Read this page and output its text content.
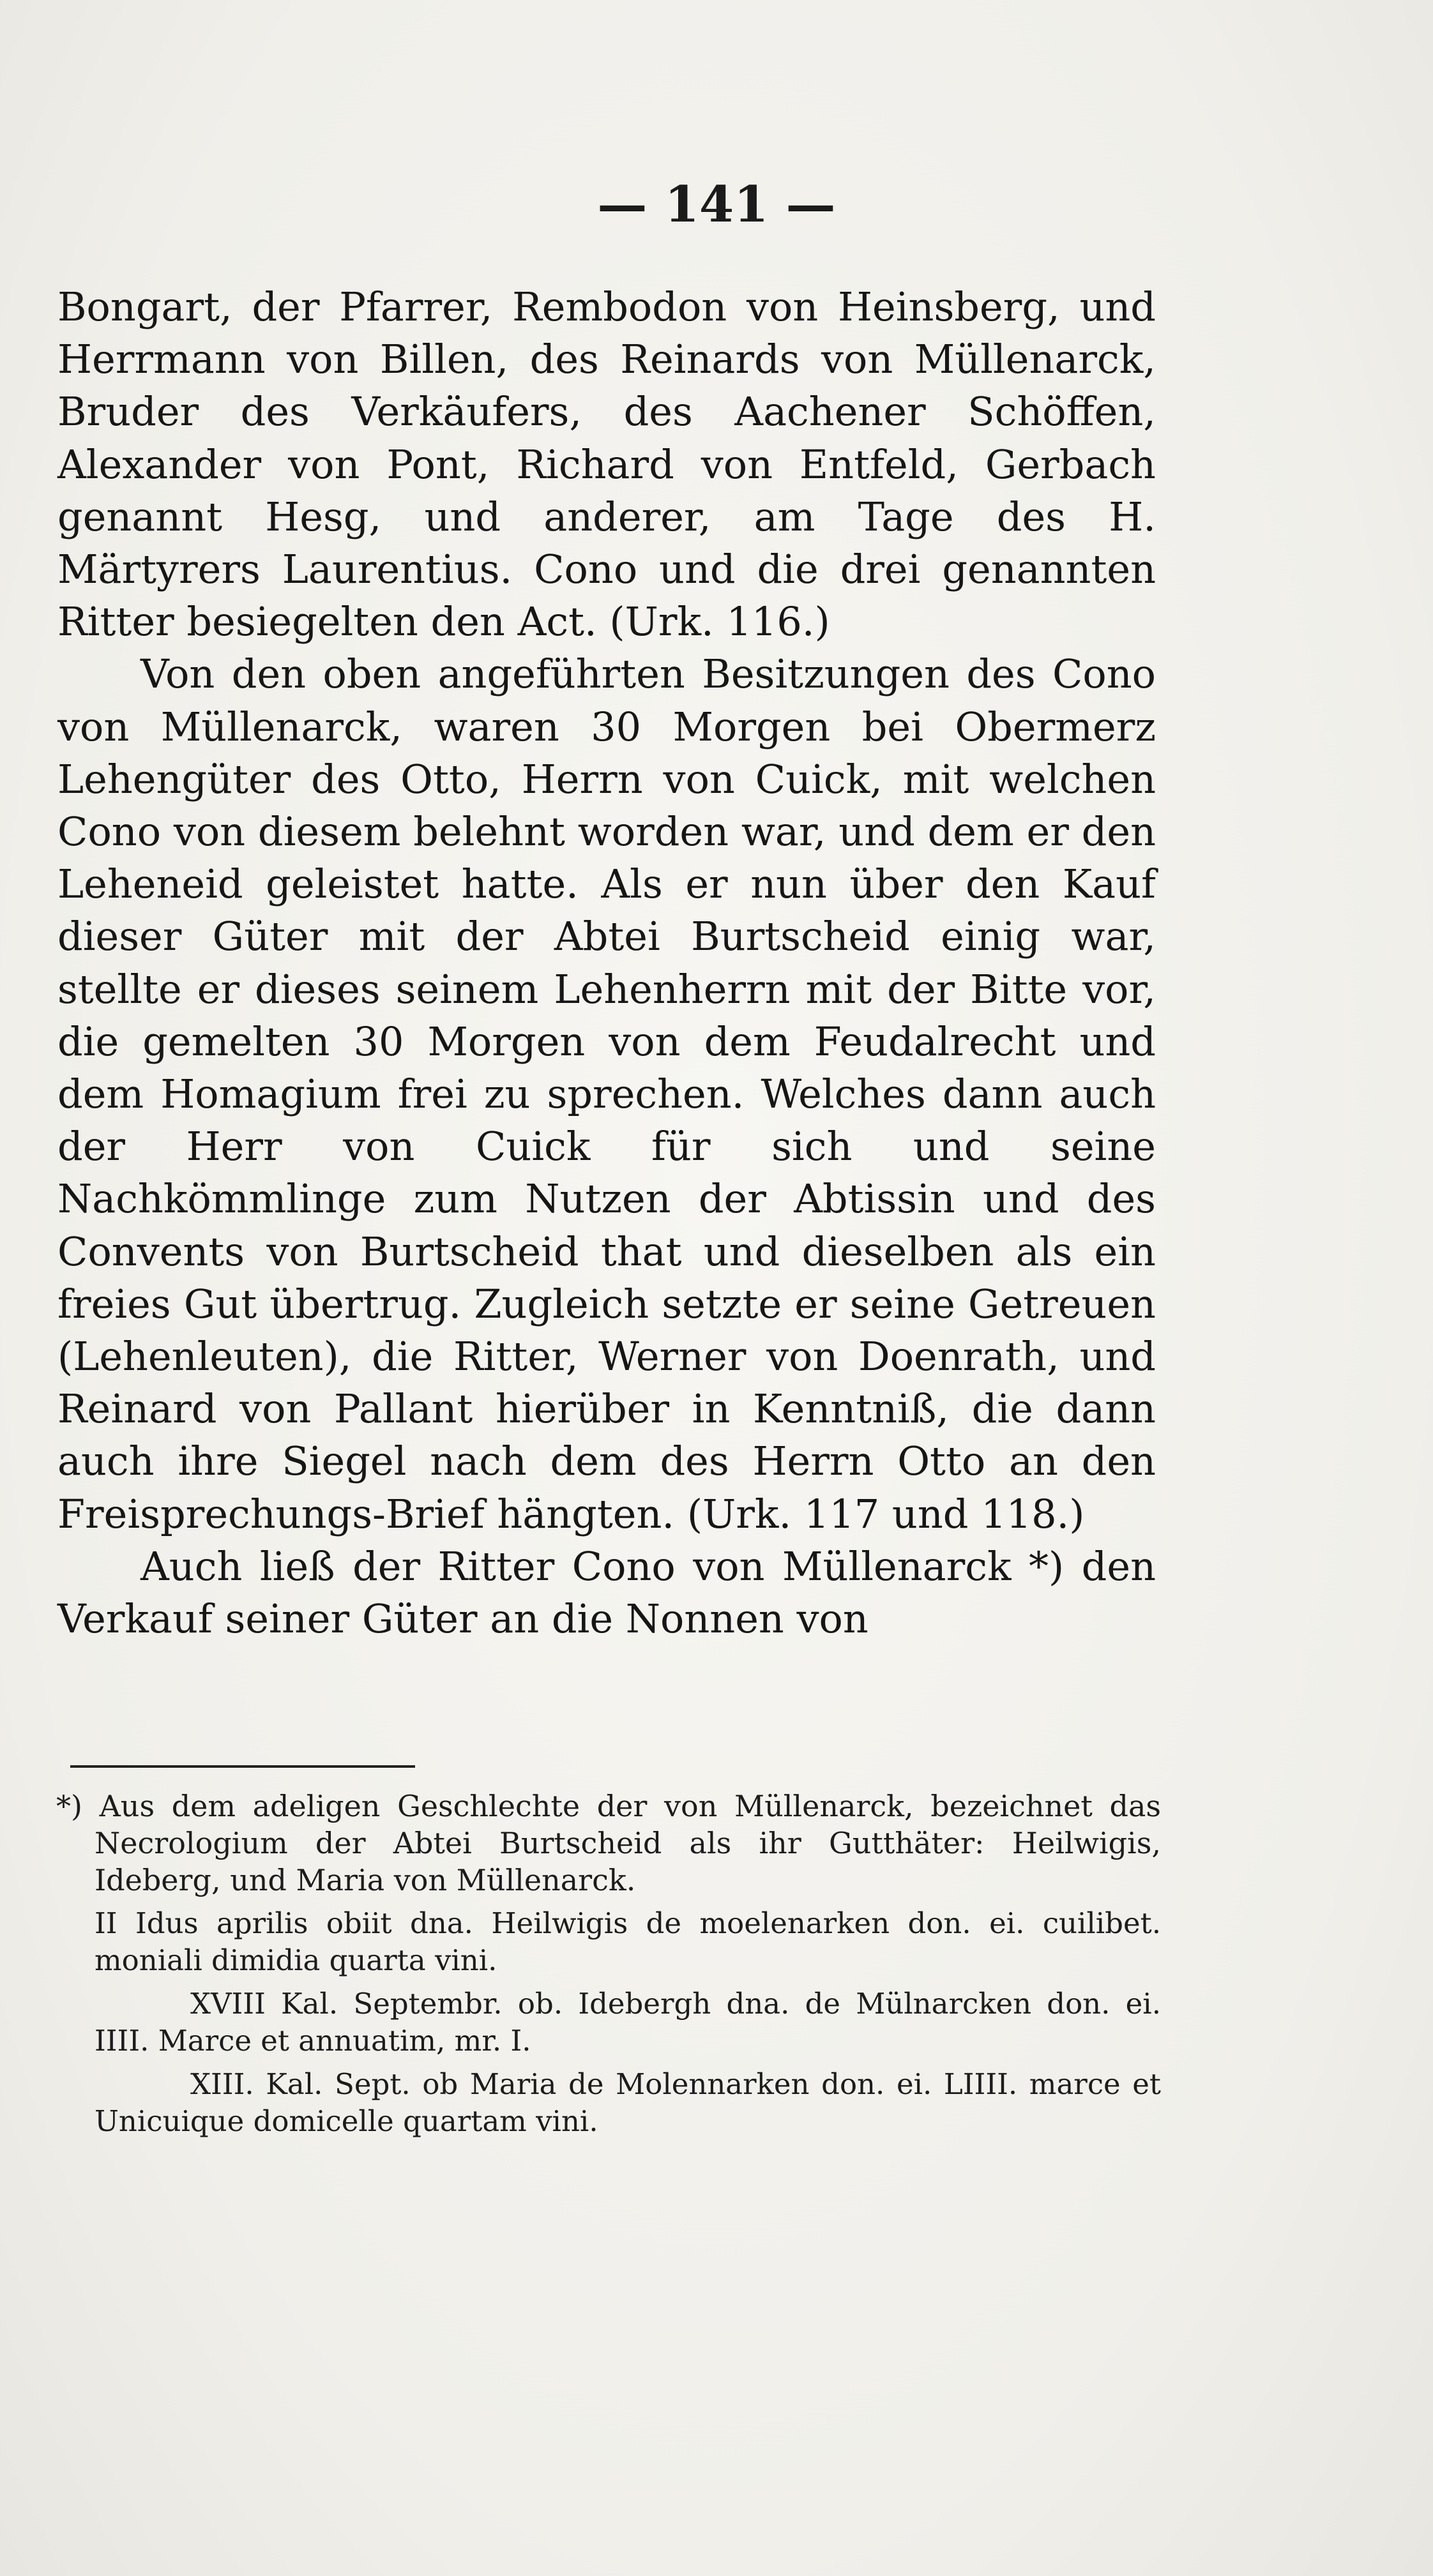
— 141 —

Bongart, der Pfarrer, Rembodon von Heinsberg, und Herrmann von Billen, des Reinards von Müllenarck, Bruder des Verkäufers, des Aachener Schöffen, Alexander von Pont, Richard von Entfeld, Gerbach genannt Hesg, und anderer, am Tage des H. Märtyrers Laurentius. Cono und die drei genannten Ritter besiegelten den Act. (Urk. 116.)

Von den oben angeführten Besitzungen des Cono von Müllenarck, waren 30 Morgen bei Obermerz Lehengüter des Otto, Herrn von Cuick, mit welchen Cono von diesem belehnt worden war, und dem er den Leheneid geleistet hatte. Als er nun über den Kauf dieser Güter mit der Abtei Burtscheid einig war, stellte er dieses seinem Lehenherrn mit der Bitte vor, die gemelten 30 Morgen von dem Feudalrecht und dem Homagium frei zu sprechen. Welches dann auch der Herr von Cuick für sich und seine Nachkömmlinge zum Nutzen der Abtissin und des Convents von Burtscheid that und dieselben als ein freies Gut übertrug. Zugleich setzte er seine Getreuen (Lehenleuten), die Ritter, Werner von Doenrath, und Reinard von Pallant hierüber in Kenntniß, die dann auch ihre Siegel nach dem des Herrn Otto an den Freisprechungs-Brief hängten. (Urk. 117 und 118.)

Auch ließ der Ritter Cono von Müllenarck *) den Verkauf seiner Güter an die Nonnen von

*) Aus dem adeligen Geschlechte der von Müllenarck, bezeichnet das Necrologium der Abtei Burtscheid als ihr Gutthäter: Heilwigis, Ideberg, und Maria von Müllenarck.

II Idus aprilis obiit dna. Heilwigis de moelenarken don. ei. cuilibet. moniali dimidia quarta vini.

XVIII Kal. Septembr. ob. Idebergh dna. de Mülnarcken don. ei. IIII. Marce et annuatim, mr. I.

XIII. Kal. Sept. ob Maria de Molennarken don. ei. LIIII. marce et Unicuique domicelle quartam vini.
